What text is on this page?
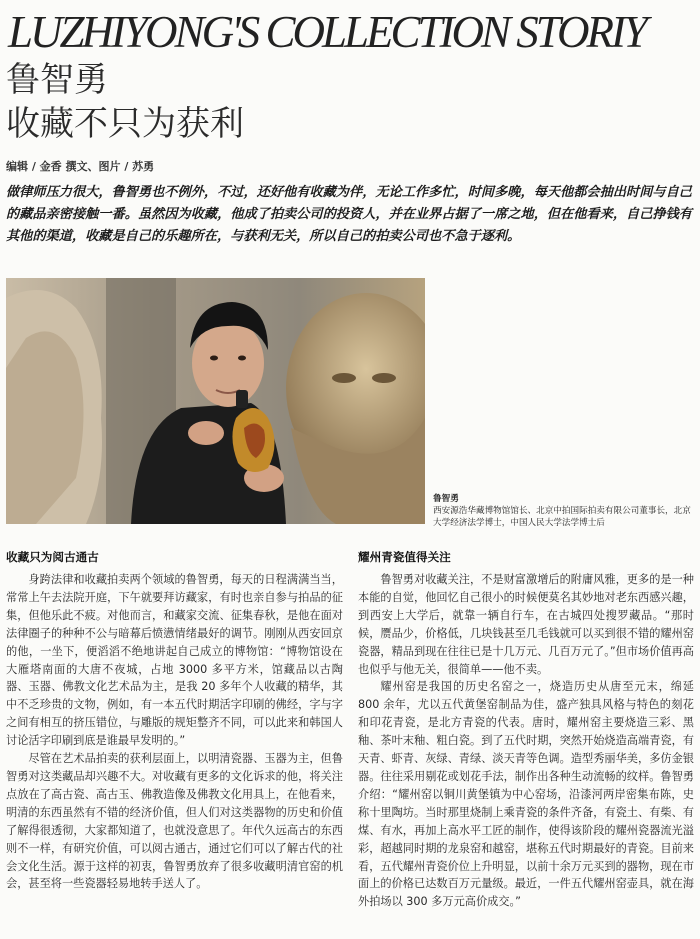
LUZHIYONG'S COLLECTION STORIY
鲁智勇
收藏不只为获利
编辑 / 金香 撰文、图片 / 苏勇
做律师压力很大，鲁智勇也不例外，不过，还好他有收藏为伴，无论工作多忙，时间多晚，每天他都会抽出时间与自己的藏品亲密接触一番。虽然因为收藏，他成了拍卖公司的投资人，并在业界占据了一席之地，但在他看来，自己挣钱有其他的渠道，收藏是自己的乐趣所在，与获利无关，所以自己的拍卖公司也不急于逐利。
鲁智勇
西安源浩华藏博物馆馆长、北京中拍国际拍卖有限公司董事长，北京大学经济法学博士，中国人民大学法学博士后
收藏只为阅古通古

身跨法律和收藏拍卖两个领域的鲁智勇，每天的日程满满当当，常常上午去法院开庭，下午就要拜访藏家，有时也亲自参与拍品的征集，但他乐此不疲。对他而言，和藏家交流、征集春秋，是他在面对法律圈子的种种不公与暗幕后愤懑情绪最好的调节。刚刚从西安回京的他，一坐下，便滔滔不绝地讲起自己成立的博物馆：“博物馆设在大雁塔南面的大唐不夜城，占地 3000 多平方米，馆藏品以古陶器、玉器、佛教文化艺术品为主，是我 20 多年个人收藏的精华，其中不乏珍贵的文物，例如，有一本五代时期活字印刷的佛经，字与字之间有相互的挤压错位，与雕版的规矩整齐不同，可以此来和韩国人讨论活字印刷到底是谁最早发明的。”

尽管在艺术品拍卖的获利层面上，以明清瓷器、玉器为主，但鲁智勇对这类藏品却兴趣不大。对收藏有更多的文化诉求的他，将关注点放在了高古瓷、高古玉、佛教造像及佛教文化用具上，在他看来，明清的东西虽然有不错的经济价值，但人们对这类器物的历史和价值了解得很透彻，大家都知道了，也就没意思了。年代久远高古的东西则不一样，有研究价值，可以阅古通古，通过它们可以了解古代的社会文化生活。源于这样的初衷，鲁智勇放弃了很多收藏明清官窑的机会，甚至将一些瓷器轻易地转手送人了。

耀州青瓷值得关注

鲁智勇对收藏关注，不是财富激增后的附庸风雅，更多的是一种本能的自觉，他回忆自己很小的时候便莫名其妙地对老东西感兴趣，到西安上大学后，就靠一辆自行车，在古城四处搜罗藏品。“那时候，赝品少，价格低，几块钱甚至几毛钱就可以买到很不错的耀州窑瓷器，精品到现在往往已是十几万元、几百万元了。”但市场价值再高也似乎与他无关，很简单——他不卖。

耀州窑是我国的历史名窑之一，烧造历史从唐至元末，绵延 800 余年，尤以五代黄堡窑制品为佳，盛产独具风格与特色的刻花和印花青瓷，是北方青瓷的代表。唐时，耀州窑主要烧造三彩、黑釉、茶叶末釉、粗白瓷。到了五代时期，突然开始烧造高端青瓷，有天青、虾青、灰绿、青绿、淡天青等色调。造型秀丽华美，多仿金银器。往往采用剔花或划花手法，制作出各种生动流畅的纹样。鲁智勇介绍：“耀州窑以铜川黄堡镇为中心窑场，沿漆河两岸密集布陈，史称十里陶坊。当时那里烧制上乘青瓷的条件齐备，有瓷土、有柴、有煤、有水，再加上高水平工匠的制作，使得该阶段的耀州瓷器流光溢彩，超越同时期的龙泉窑和越窑，堪称五代时期最好的青瓷。目前来看，五代耀州青瓷价位上升明显，以前十余万元买到的器物，现在市面上的价格已达数百万元量级。最近，一件五代耀州窑壶具，就在海外拍场以 300 多万元高价成交。”
